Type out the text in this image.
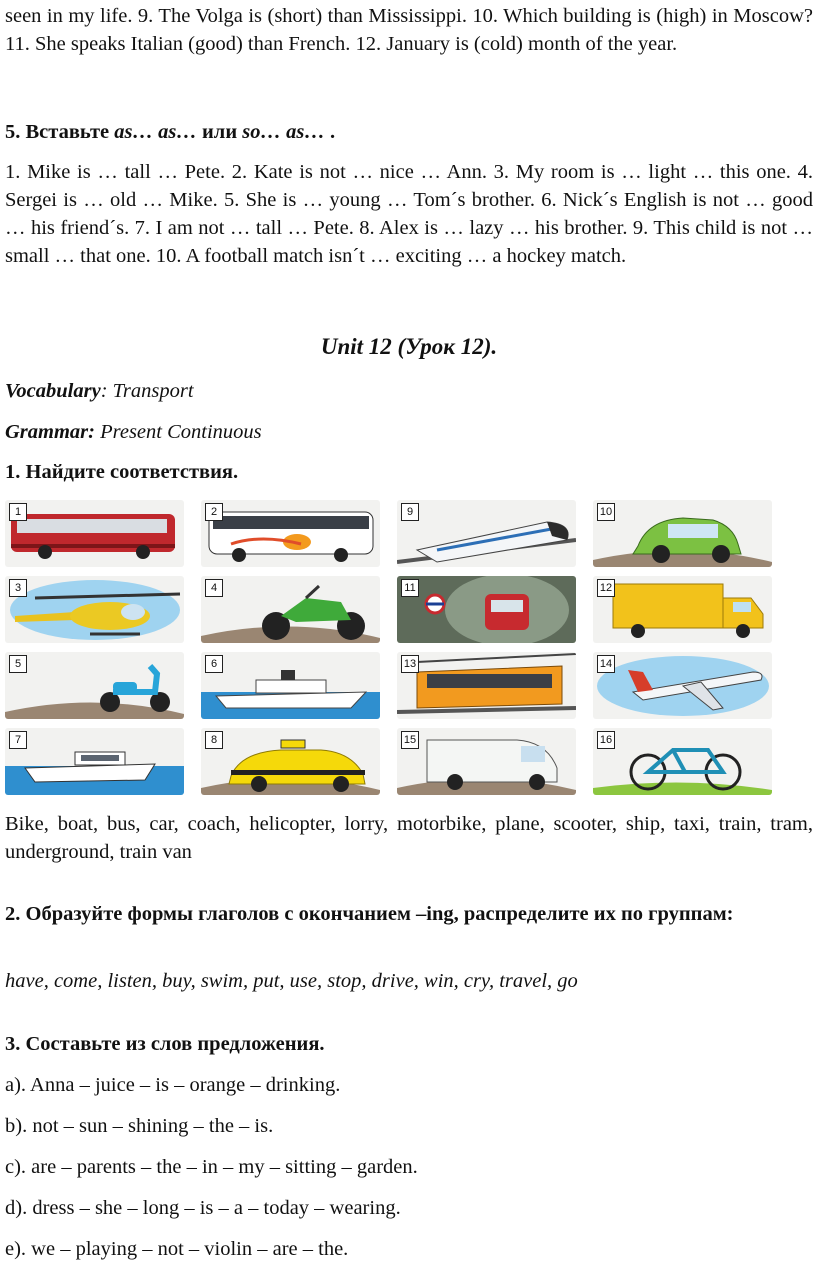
seen in my life. 9. The Volga is (short) than Mississippi. 10. Which building is (high) in Moscow? 11. She speaks Italian (good) than French. 12. January is (cold) month of the year.

5. Вставьте as… as… или so… as… .

1. Mike is … tall … Pete. 2. Kate is not … nice … Ann. 3. My room is … light … this one. 4. Sergei is … old … Mike. 5. She is … young … Tom´s brother. 6. Nick´s English is not … good … his friend´s. 7. I am not … tall … Pete. 8. Alex is … lazy … his brother. 9. This child is not … small … that one. 10. A football match isn´t … exciting … a hockey match.

Unit 12 (Урок 12).

Vocabulary: Transport

Grammar: Present Continuous

1. Найдите соответствия.

1	2	9	10
3	4	11	12
5	6	13	14
7	8	15	16

Bike, boat, bus, car, coach, helicopter, lorry, motorbike, plane, scooter, ship, taxi, train, tram, underground, train van

2. Образуйте формы глаголов с окончанием –ing, распределите их по группам:

have, come, listen, buy, swim, put, use, stop, drive, win, cry, travel, go

3. Составьте из слов предложения.

a). Anna – juice – is – orange – drinking.

b). not – sun – shining – the – is.

c). are – parents – the – in – my – sitting – garden.

d). dress – she – long – is – a – today – wearing.

e). we – playing – not – violin – are – the.
